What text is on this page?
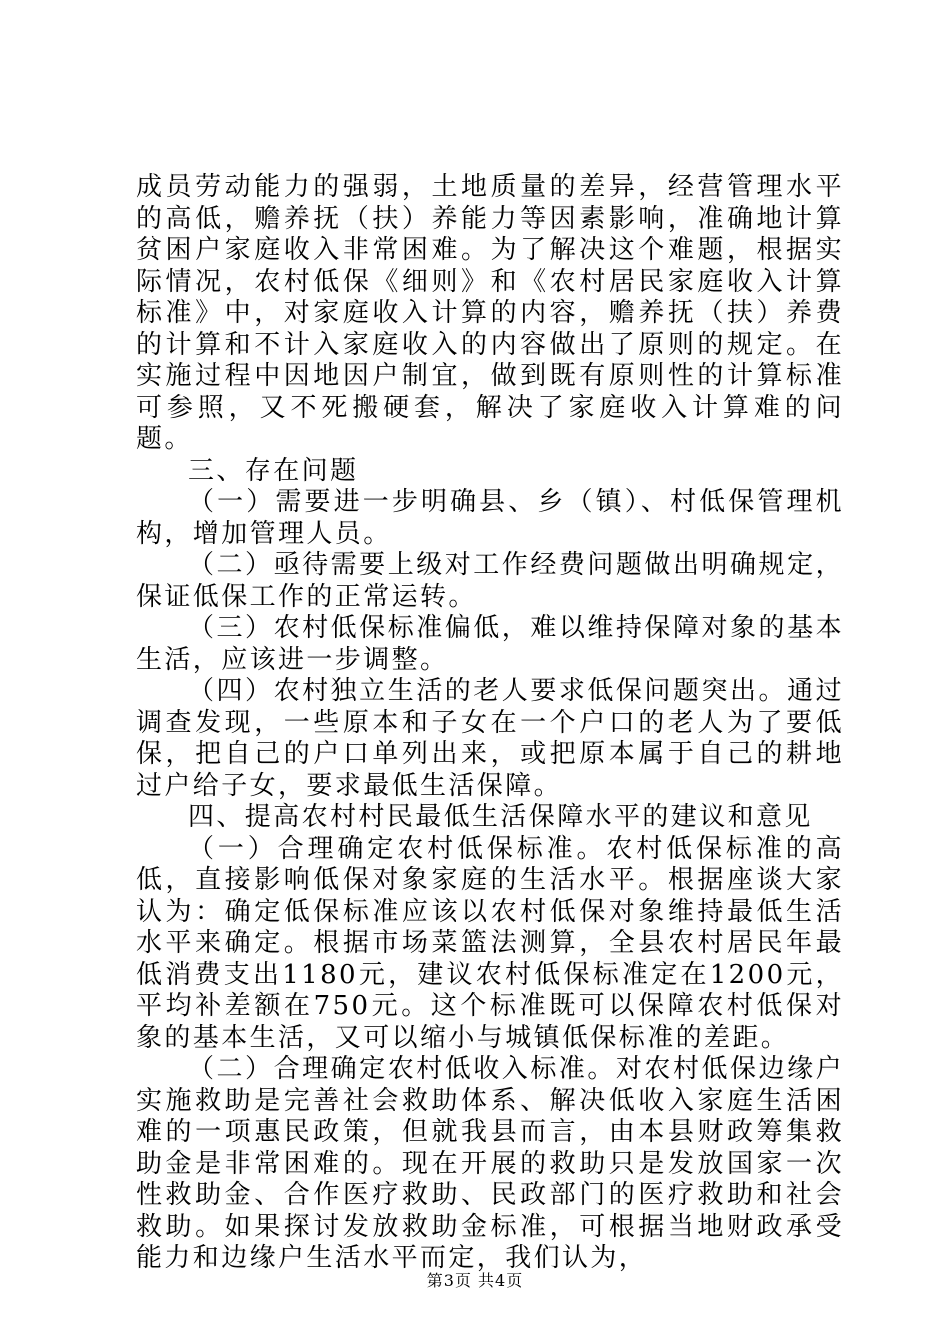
成员劳动能力的强弱，土地质量的差异，经营管理水平的高低，赡养抚（扶）养能力等因素影响，准确地计算贫困户家庭收入非常困难。为了解决这个难题，根据实际情况，农村低保《细则》和《农村居民家庭收入计算标准》中，对家庭收入计算的内容，赡养抚（扶）养费的计算和不计入家庭收入的内容做出了原则的规定。在实施过程中因地因户制宜，做到既有原则性的计算标准可参照，又不死搬硬套，解决了家庭收入计算难的问题。

三、存在问题

（一）需要进一步明确县、乡（镇）、村低保管理机构，增加管理人员。

（二）亟待需要上级对工作经费问题做出明确规定，保证低保工作的正常运转。

（三）农村低保标准偏低，难以维持保障对象的基本生活，应该进一步调整。

（四）农村独立生活的老人要求低保问题突出。通过调查发现，一些原本和子女在一个户口的老人为了要低保，把自己的户口单列出来，或把原本属于自己的耕地过户给子女，要求最低生活保障。

四、提高农村村民最低生活保障水平的建议和意见

（一）合理确定农村低保标准。农村低保标准的高低，直接影响低保对象家庭的生活水平。根据座谈大家认为：确定低保标准应该以农村低保对象维持最低生活水平来确定。根据市场菜篮法测算，全县农村居民年最低消费支出1180元，建议农村低保标准定在1200元，平均补差额在750元。这个标准既可以保障农村低保对象的基本生活，又可以缩小与城镇低保标准的差距。

（二）合理确定农村低收入标准。对农村低保边缘户实施救助是完善社会救助体系、解决低收入家庭生活困难的一项惠民政策，但就我县而言，由本县财政筹集救助金是非常困难的。现在开展的救助只是发放国家一次性救助金、合作医疗救助、民政部门的医疗救助和社会救助。如果探讨发放救助金标准，可根据当地财政承受能力和边缘户生活水平而定，我们认为，

第3页 共4页
